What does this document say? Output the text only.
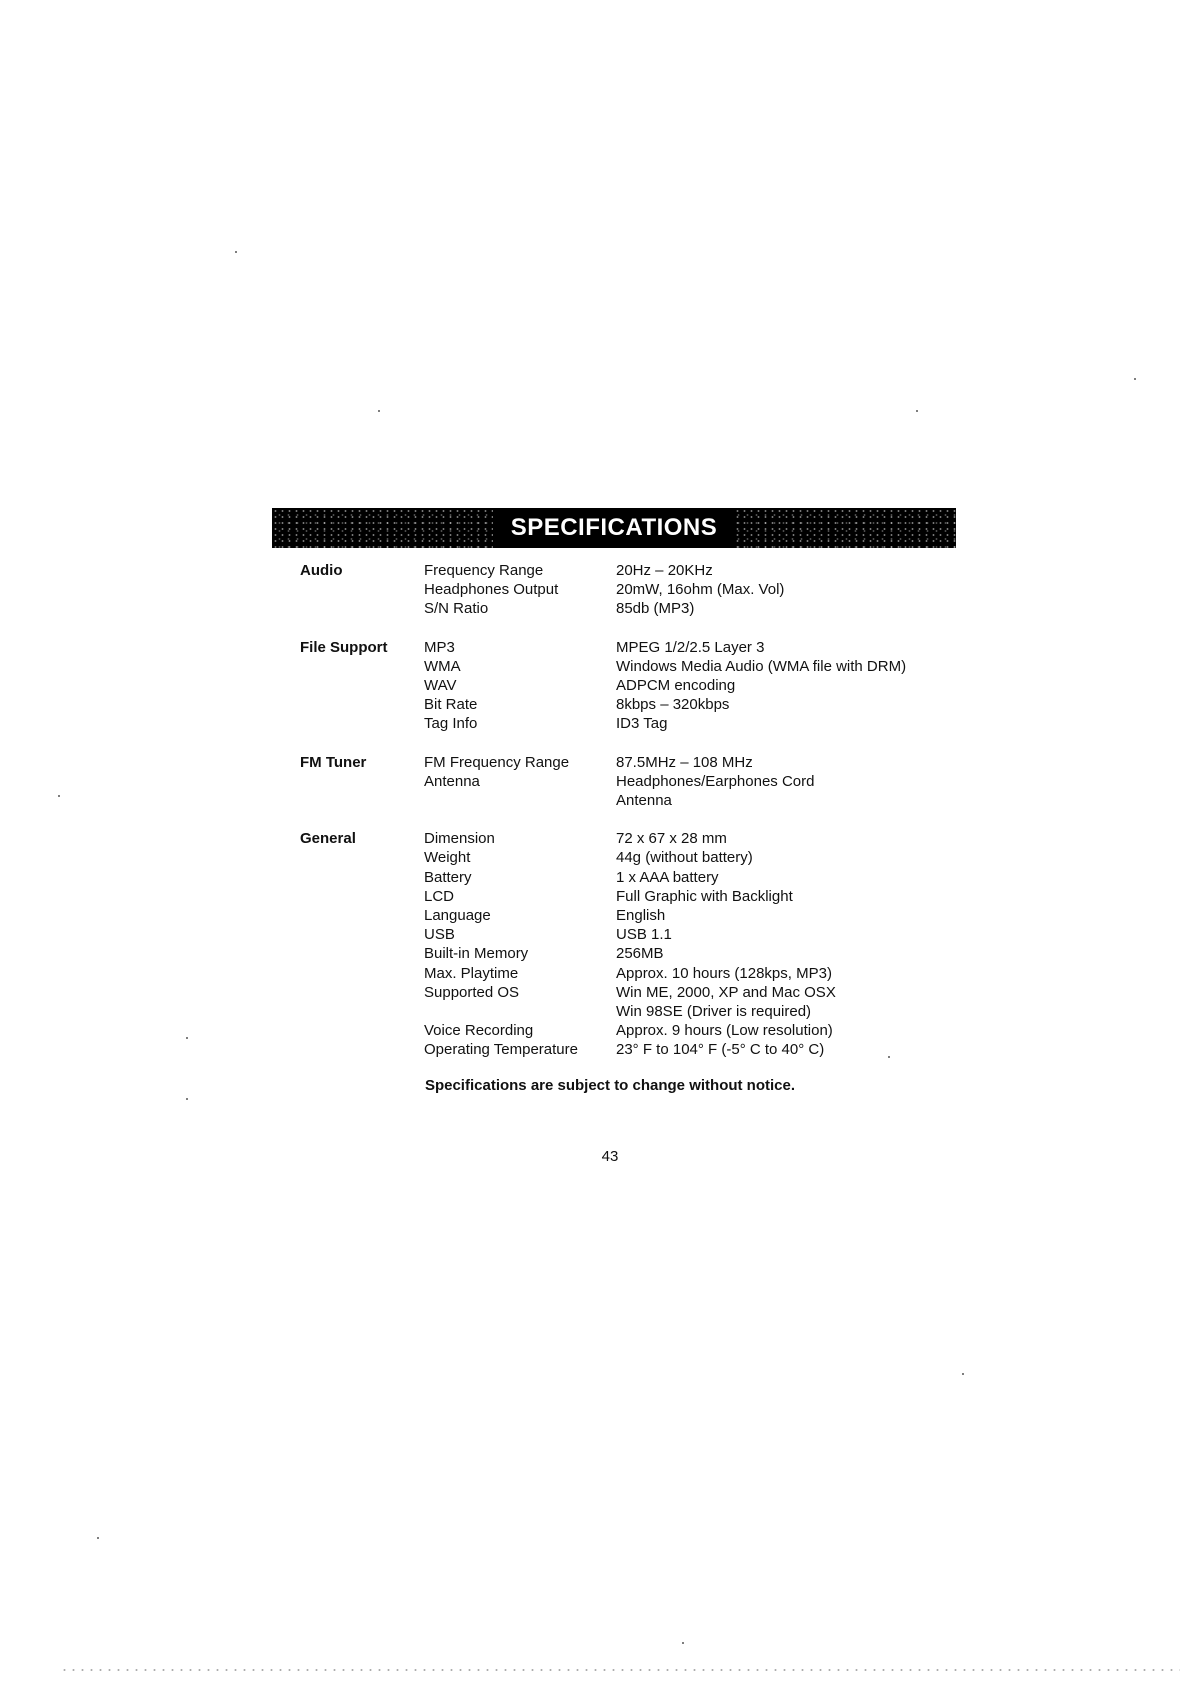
SPECIFICATIONS
Audio	Frequency Range	20Hz – 20KHz
Headphones Output	20mW, 16ohm (Max. Vol)
S/N Ratio	85db (MP3)
File Support	MP3	MPEG 1/2/2.5 Layer 3
WMA	Windows Media Audio (WMA file with DRM)
WAV	ADPCM encoding
Bit Rate	8kbps – 320kbps
Tag Info	ID3 Tag
FM Tuner	FM Frequency Range	87.5MHz – 108 MHz
Antenna	Headphones/Earphones Cord
Antenna
General	Dimension	72 x 67 x 28 mm
Weight	44g (without battery)
Battery	1 x AAA battery
LCD	Full Graphic with Backlight
Language	English
USB	USB 1.1
Built-in Memory	256MB
Max. Playtime	Approx. 10 hours (128kps, MP3)
Supported OS	Win ME, 2000, XP and Mac OSX
Win 98SE (Driver is required)
Voice Recording	Approx. 9 hours (Low resolution)
Operating Temperature	23° F to 104° F (-5° C to 40° C)
Specifications are subject to change without notice.
43
